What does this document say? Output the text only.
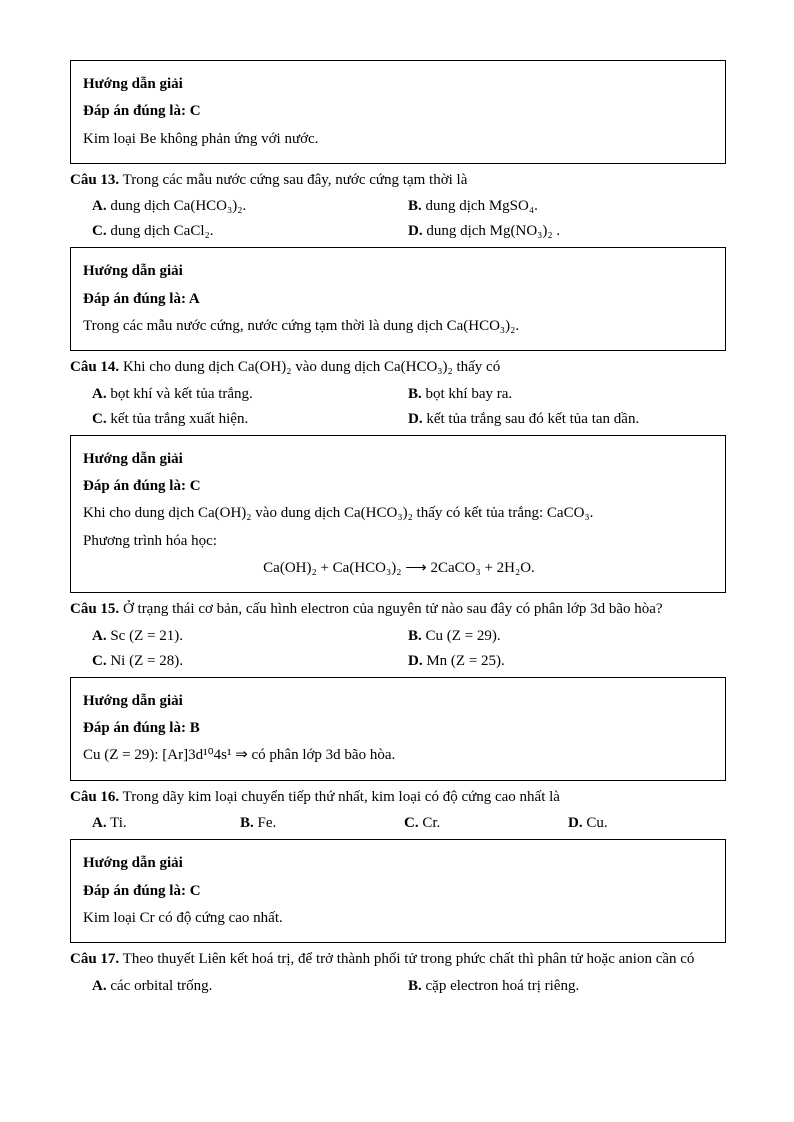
Hướng dẫn giải
Đáp án đúng là: C
Kim loại Be không phản ứng với nước.
Câu 13. Trong các mẫu nước cứng sau đây, nước cứng tạm thời là
A. dung dịch Ca(HCO₃)₂.	B. dung dịch MgSO₄.
C. dung dịch CaCl₂.	D. dung dịch Mg(NO₃)₂ .
Hướng dẫn giải
Đáp án đúng là: A
Trong các mẫu nước cứng, nước cứng tạm thời là dung dịch Ca(HCO₃)₂.
Câu 14. Khi cho dung dịch Ca(OH)₂ vào dung dịch Ca(HCO₃)₂ thấy có
A. bọt khí và kết tủa trắng.	B. bọt khí bay ra.
C. kết tủa trắng xuất hiện.	D. kết tủa trắng sau đó kết tủa tan dần.
Hướng dẫn giải
Đáp án đúng là: C
Khi cho dung dịch Ca(OH)₂ vào dung dịch Ca(HCO₃)₂ thấy có kết tủa trắng: CaCO₃.
Phương trình hóa học:
Ca(OH)₂ + Ca(HCO₃)₂ ⟶ 2CaCO₃ + 2H₂O.
Câu 15. Ở trạng thái cơ bản, cấu hình electron của nguyên tử nào sau đây có phân lớp 3d bão hòa?
A. Sc (Z = 21).	B. Cu (Z = 29).
C. Ni (Z = 28).	D. Mn (Z = 25).
Hướng dẫn giải
Đáp án đúng là: B
Cu (Z = 29): [Ar]3d¹⁰4s¹ ⇒ có phân lớp 3d bão hòa.
Câu 16. Trong dãy kim loại chuyển tiếp thứ nhất, kim loại có độ cứng cao nhất là
A. Ti.	B. Fe.	C. Cr.	D. Cu.
Hướng dẫn giải
Đáp án đúng là: C
Kim loại Cr có độ cứng cao nhất.
Câu 17. Theo thuyết Liên kết hoá trị, để trở thành phối tử trong phức chất thì phân tử hoặc anion cần có
A. các orbital trống.	B. cặp electron hoá trị riêng.
